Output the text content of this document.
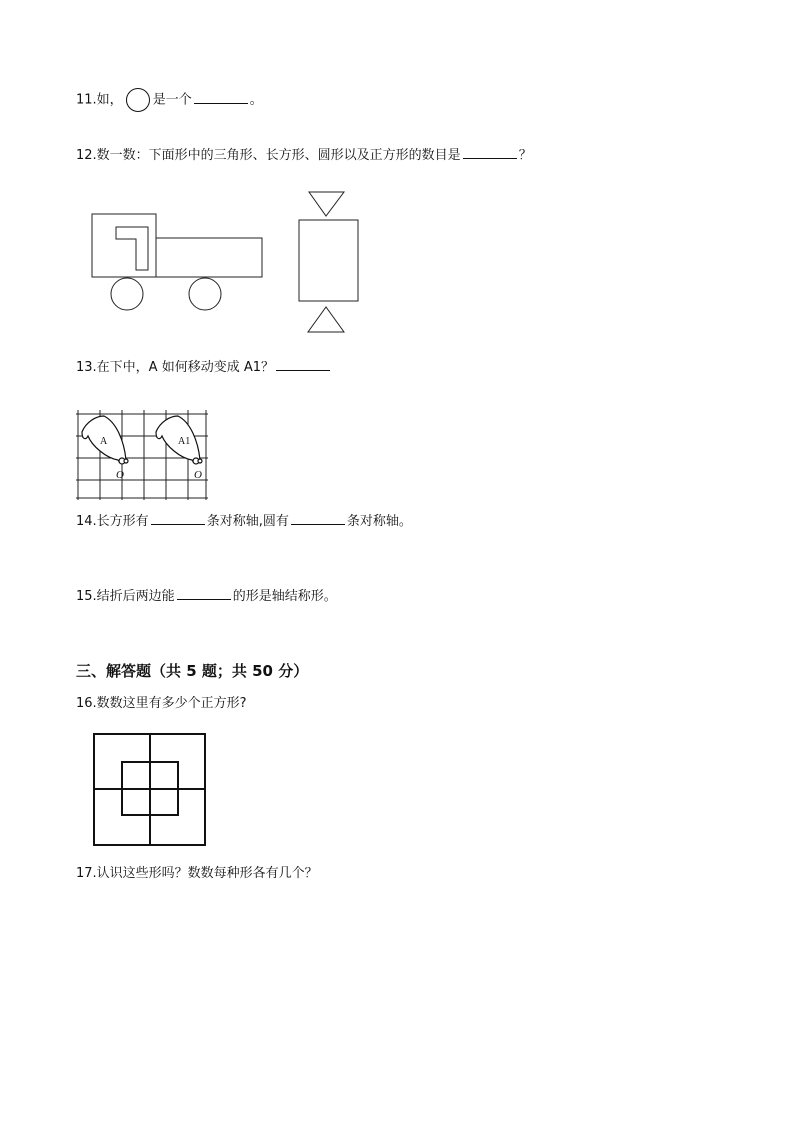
11.如， 是一个	。
12.数一数：下面形中的三角形、长方形、圆形以及正方形的数目是	？
13.在下中，A 如何移动变成 A1？
A	A1
O	O
14.长方形有	条对称轴,圆有	条对称轴。
15.结折后两边能	的形是轴结称形。
三、解答题（共 5 题；共 50 分）
16.数数这里有多少个正方形?
17.认识这些形吗？数数每种形各有几个？
